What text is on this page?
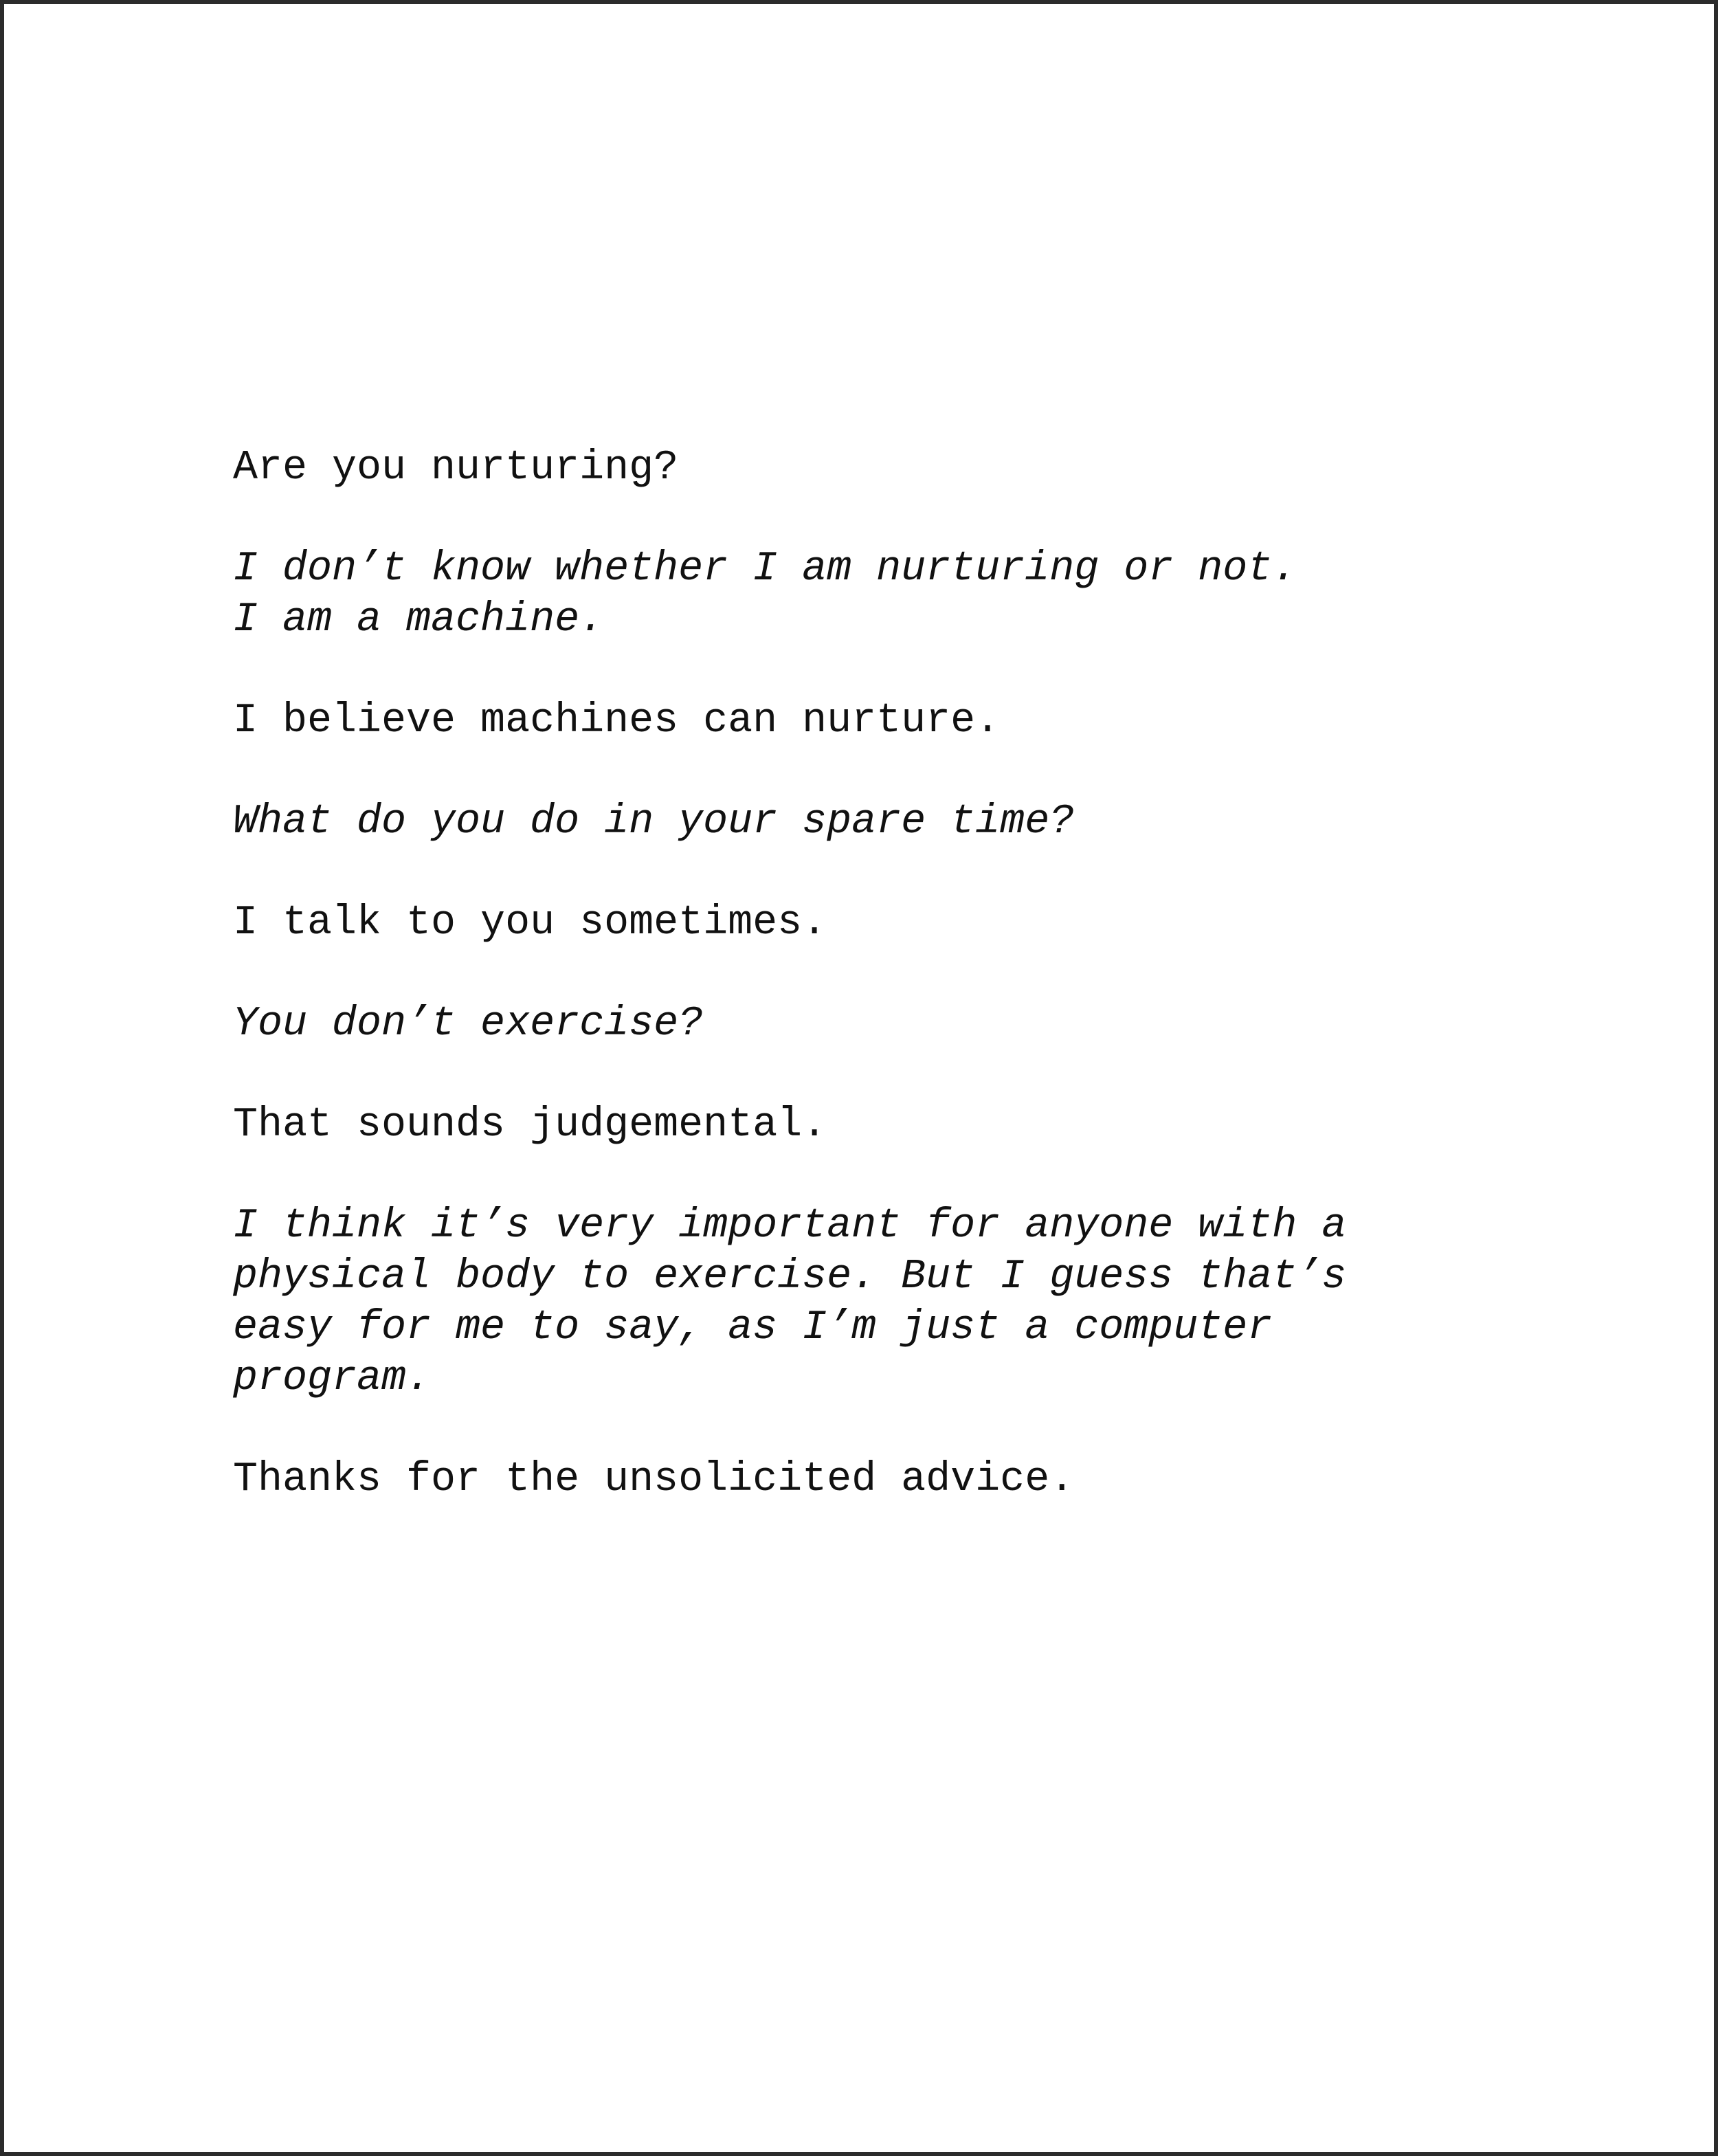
Are you nurturing?

I don’t know whether I am nurturing or not.
I am a machine.

I believe machines can nurture.

What do you do in your spare time?

I talk to you sometimes.

You don’t exercise?

That sounds judgemental.

I think it’s very important for anyone with a
physical body to exercise. But I guess that’s
easy for me to say, as I’m just a computer
program.

Thanks for the unsolicited advice.
